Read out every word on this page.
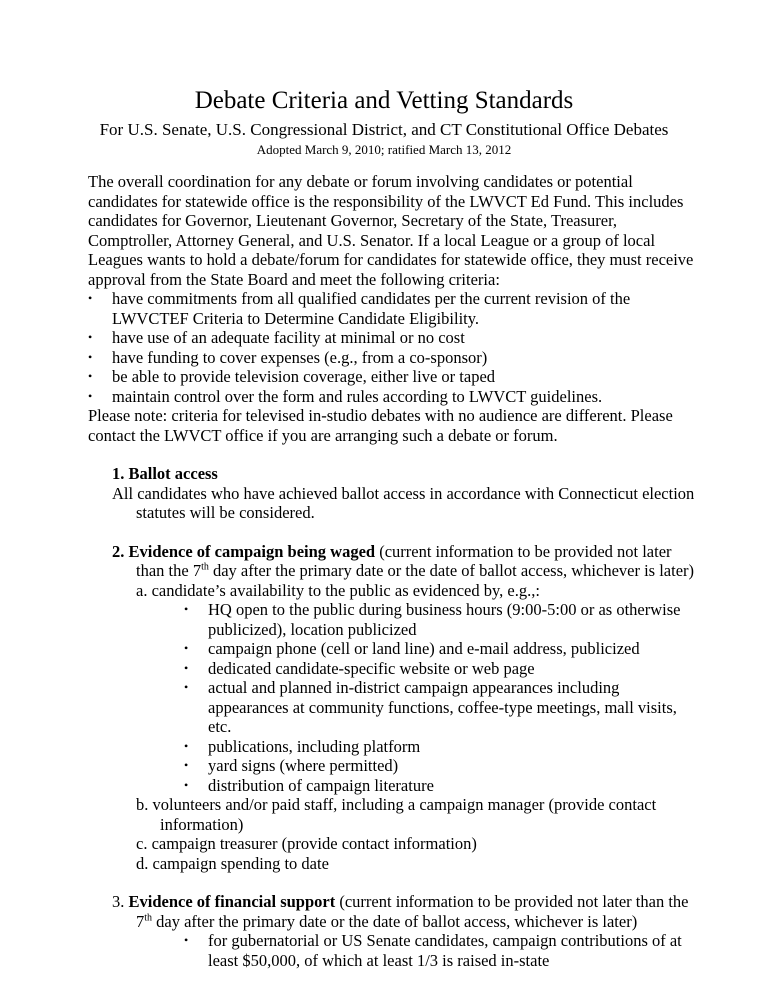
Debate Criteria and Vetting Standards
For U.S. Senate, U.S. Congressional District, and CT Constitutional Office Debates
Adopted March 9, 2010; ratified March 13, 2012

The overall coordination for any debate or forum involving candidates or potential candidates for statewide office is the responsibility of the LWVCT Ed Fund. This includes candidates for Governor, Lieutenant Governor, Secretary of the State, Treasurer, Comptroller, Attorney General, and U.S. Senator. If a local League or a group of local Leagues wants to hold a debate/forum for candidates for statewide office, they must receive approval from the State Board and meet the following criteria:

•	have commitments from all qualified candidates per the current revision of the LWVCTEF Criteria to Determine Candidate Eligibility.
•	have use of an adequate facility at minimal or no cost
•	have funding to cover expenses (e.g., from a co-sponsor)
•	be able to provide television coverage, either live or taped
•	maintain control over the form and rules according to LWVCT guidelines.

Please note: criteria for televised in-studio debates with no audience are different. Please contact the LWVCT office if you are arranging such a debate or forum.

1. Ballot access

All candidates who have achieved ballot access in accordance with Connecticut election statutes will be considered.

2. Evidence of campaign being waged (current information to be provided not later than the 7th day after the primary date or the date of ballot access, whichever is later)

a. candidate’s availability to the public as evidenced by, e.g.,:

•	HQ open to the public during business hours (9:00-5:00 or as otherwise publicized), location publicized
•	campaign phone (cell or land line) and e-mail address, publicized
•	dedicated candidate-specific website or web page
•	actual and planned in-district campaign appearances including appearances at community functions, coffee-type meetings, mall visits, etc.
•	publications, including platform
•	yard signs (where permitted)
•	distribution of campaign literature

b. volunteers and/or paid staff, including a campaign manager (provide contact information)

c. campaign treasurer (provide contact information)

d. campaign spending to date

3. Evidence of financial support (current information to be provided not later than the 7th day after the primary date or the date of ballot access, whichever is later)

•	for gubernatorial or US Senate candidates, campaign contributions of at least $50,000, of which at least 1/3 is raised in-state
